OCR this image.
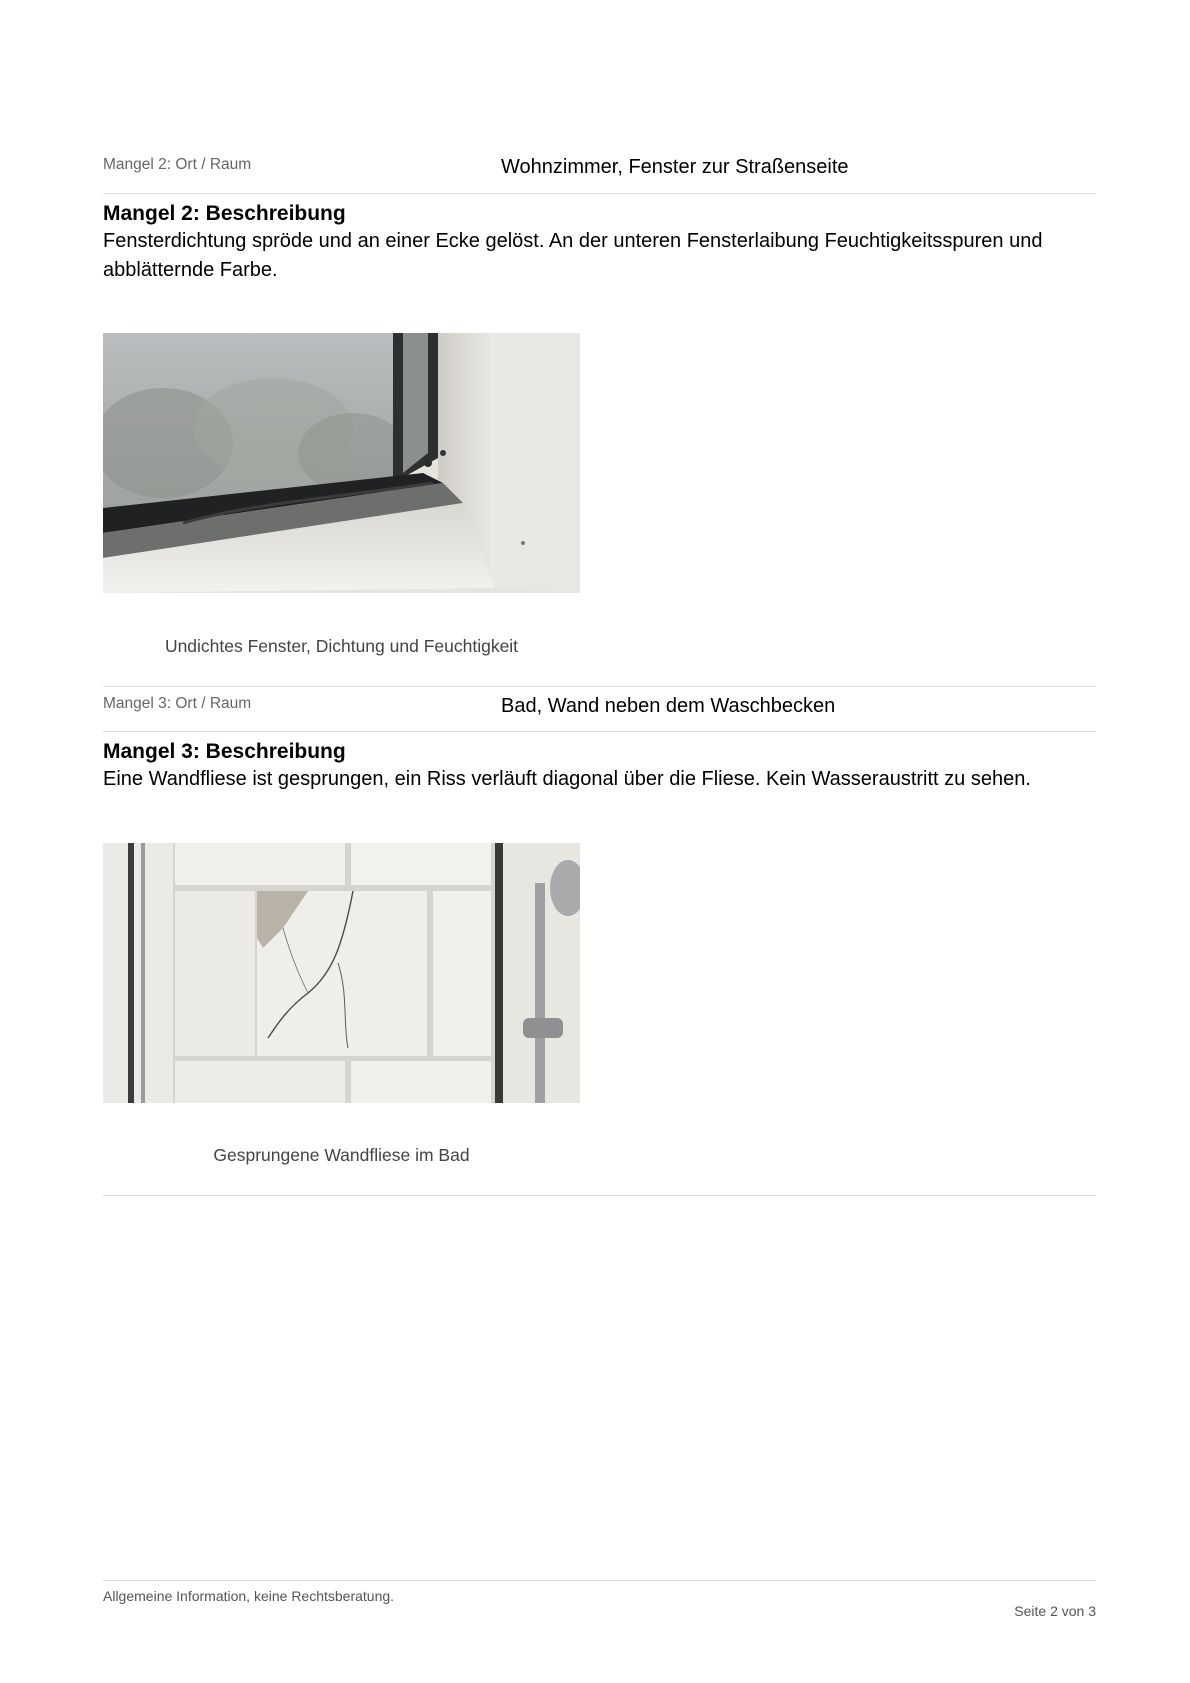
Mangel 2: Ort / Raum	Wohnzimmer, Fenster zur Straßenseite
Mangel 2: Beschreibung

Fensterdichtung spröde und an einer Ecke gelöst. An der unteren Fensterlaibung Feuchtigkeitsspuren und abblätternde Farbe.

Undichtes Fenster, Dichtung und Feuchtigkeit
Mangel 3: Ort / Raum	Bad, Wand neben dem Waschbecken
Mangel 3: Beschreibung

Eine Wandfliese ist gesprungen, ein Riss verläuft diagonal über die Fliese. Kein Wasseraustritt zu sehen.

Gesprungene Wandfliese im Bad
Allgemeine Information, keine Rechtsberatung.
Seite 2 von 3
